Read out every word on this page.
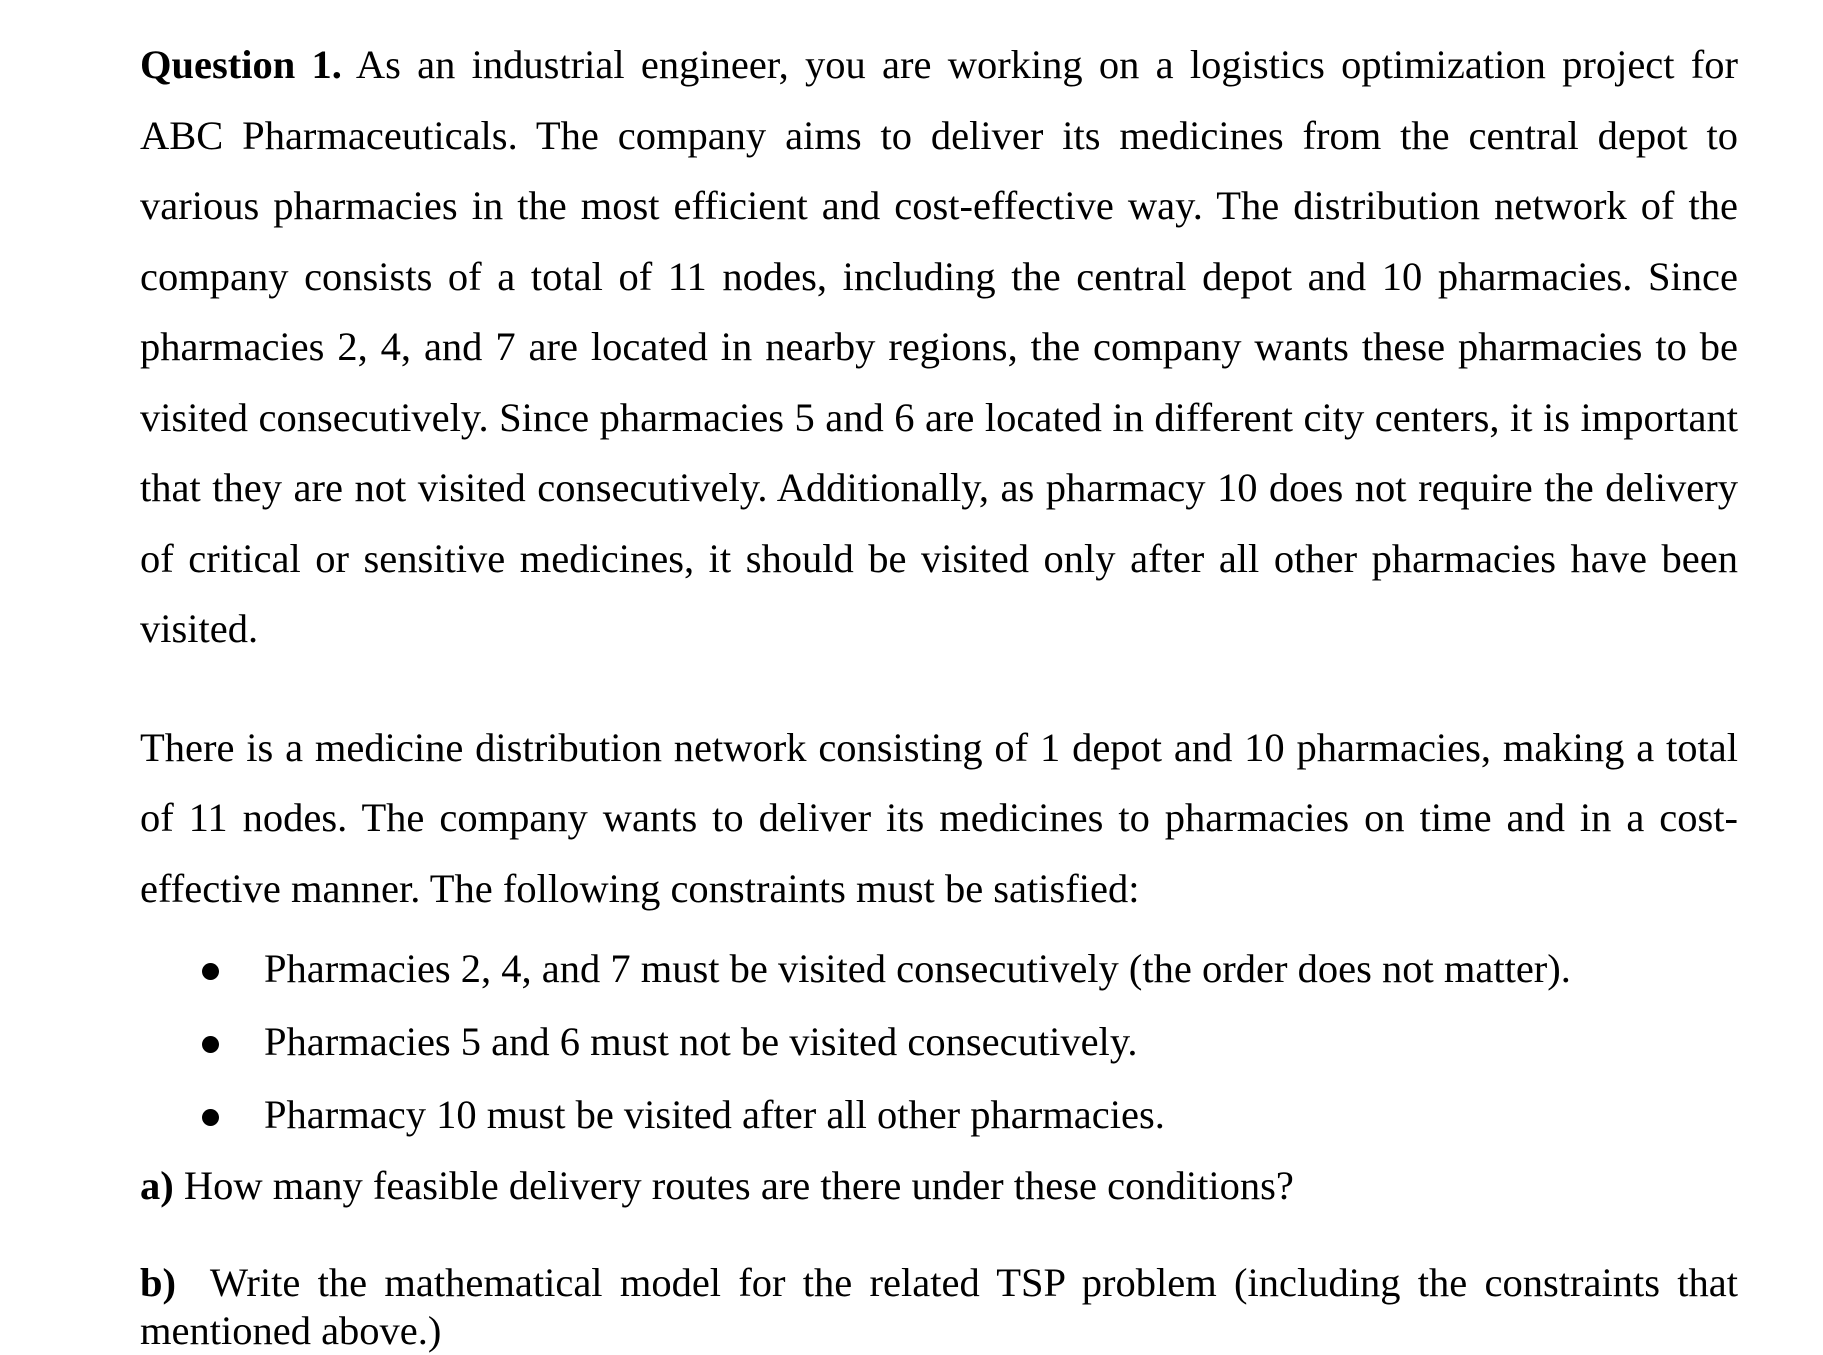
Question 1. As an industrial engineer, you are working on a logistics optimization project for ABC Pharmaceuticals. The company aims to deliver its medicines from the central depot to various pharmacies in the most efficient and cost-effective way. The distribution network of the company consists of a total of 11 nodes, including the central depot and 10 pharmacies. Since pharmacies 2, 4, and 7 are located in nearby regions, the company wants these pharmacies to be visited consecutively. Since pharmacies 5 and 6 are located in different city centers, it is important that they are not visited consecutively. Additionally, as pharmacy 10 does not require the delivery of critical or sensitive medicines, it should be visited only after all other pharmacies have been visited.

There is a medicine distribution network consisting of 1 depot and 10 pharmacies, making a total of 11 nodes. The company wants to deliver its medicines to pharmacies on time and in a cost-effective manner. The following constraints must be satisfied:

Pharmacies 2, 4, and 7 must be visited consecutively (the order does not matter).
Pharmacies 5 and 6 must not be visited consecutively.
Pharmacy 10 must be visited after all other pharmacies.

a) How many feasible delivery routes are there under these conditions?

b) Write the mathematical model for the related TSP problem (including the constraints that mentioned above.)
